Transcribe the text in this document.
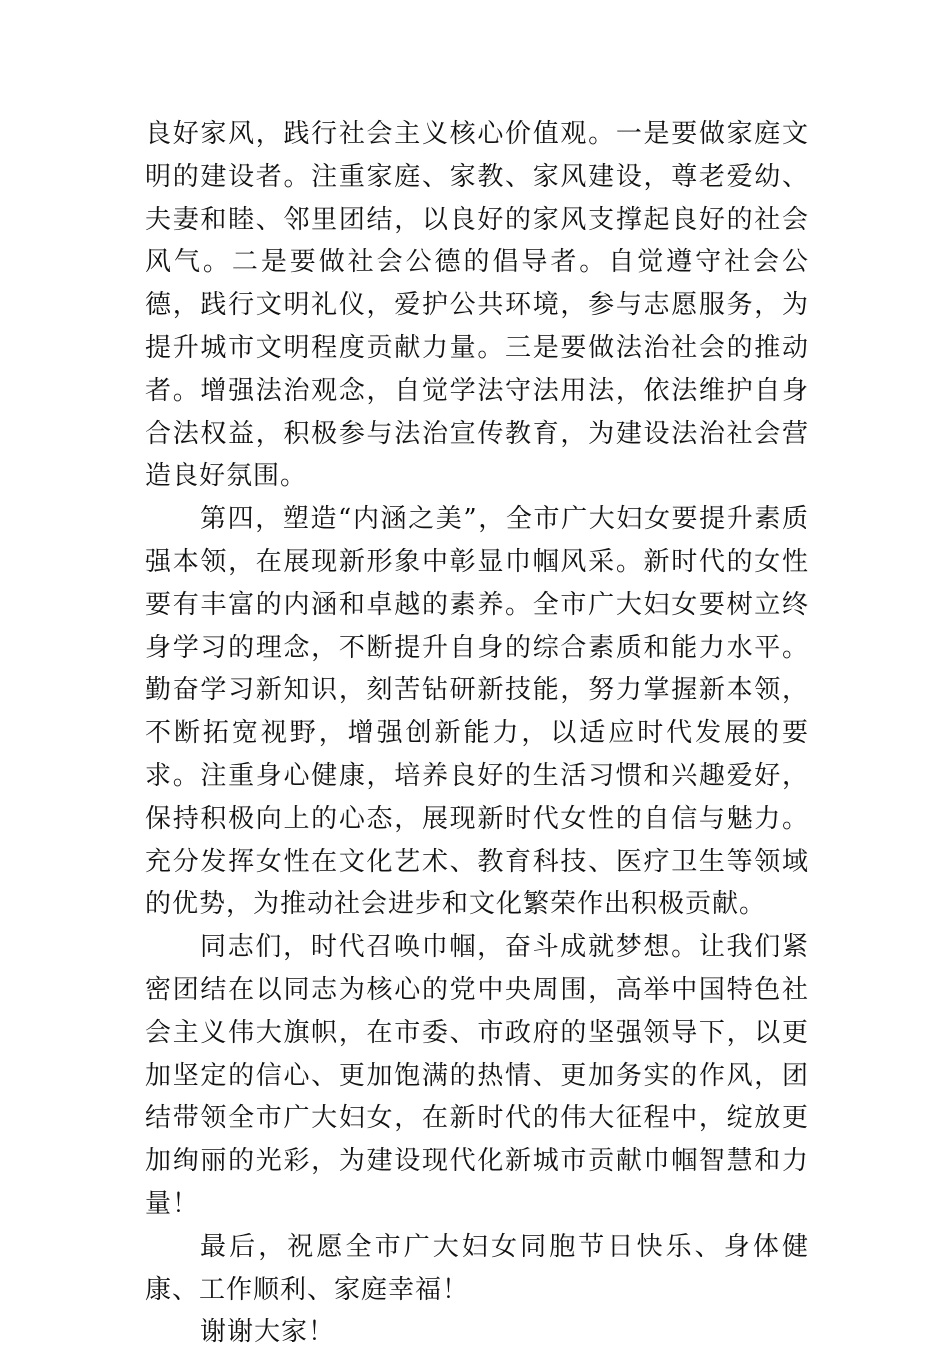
良好家风，践行社会主义核心价值观。一是要做家庭文明的建设者。注重家庭、家教、家风建设，尊老爱幼、夫妻和睦、邻里团结，以良好的家风支撑起良好的社会风气。二是要做社会公德的倡导者。自觉遵守社会公德，践行文明礼仪，爱护公共环境，参与志愿服务，为提升城市文明程度贡献力量。三是要做法治社会的推动者。增强法治观念，自觉学法守法用法，依法维护自身合法权益，积极参与法治宣传教育，为建设法治社会营造良好氛围。

第四，塑造“内涵之美”，全市广大妇女要提升素质强本领，在展现新形象中彰显巾帼风采。新时代的女性要有丰富的内涵和卓越的素养。全市广大妇女要树立终身学习的理念，不断提升自身的综合素质和能力水平。勤奋学习新知识，刻苦钻研新技能，努力掌握新本领，不断拓宽视野，增强创新能力，以适应时代发展的要求。注重身心健康，培养良好的生活习惯和兴趣爱好，保持积极向上的心态，展现新时代女性的自信与魅力。充分发挥女性在文化艺术、教育科技、医疗卫生等领域的优势，为推动社会进步和文化繁荣作出积极贡献。

同志们，时代召唤巾帼，奋斗成就梦想。让我们紧密团结在以同志为核心的党中央周围，高举中国特色社会主义伟大旗帜，在市委、市政府的坚强领导下，以更加坚定的信心、更加饱满的热情、更加务实的作风，团结带领全市广大妇女，在新时代的伟大征程中，绽放更加绚丽的光彩，为建设现代化新城市贡献巾帼智慧和力量！

最后，祝愿全市广大妇女同胞节日快乐、身体健康、工作顺利、家庭幸福！

谢谢大家！
